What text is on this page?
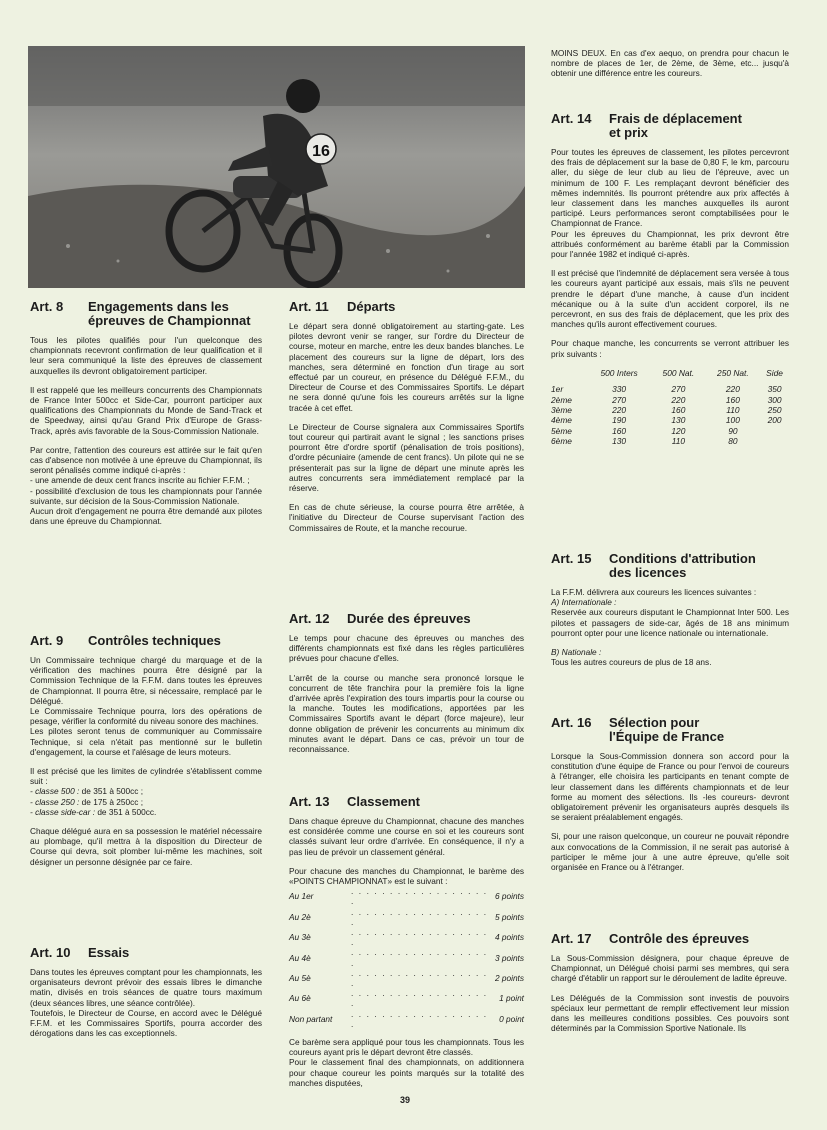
16
Art. 8	Engagements dans les
épreuves de Championnat

Tous les pilotes qualifiés pour l'un quelconque des championnats recevront confirmation de leur qualification et il leur sera communiqué la liste des épreuves de classement auxquelles ils devront obligatoirement participer.

Il est rappelé que les meilleurs concurrents des Championnats de France Inter 500cc et Side-Car, pourront participer aux qualifications des Championnats du Monde de Sand-Track et de Speedway, ainsi qu'au Grand Prix d'Europe de Grass-Track, après avis favorable de la Sous-Commission Nationale.

Par contre, l'attention des coureurs est attirée sur le fait qu'en cas d'absence non motivée à une épreuve du Championnat, ils seront pénalisés comme indiqué ci-après :

- une amende de deux cent francs inscrite au fichier F.F.M. ;

- possibilité d'exclusion de tous les championnats pour l'année suivante, sur décision de la Sous-Commission Nationale.

Aucun droit d'engagement ne pourra être demandé aux pilotes dans une épreuve du Championnat.

Art. 9	Contrôles techniques

Un Commissaire technique chargé du marquage et de la vérification des machines pourra être désigné par la Commission Technique de la F.F.M. dans toutes les épreuves de Championnat. Il pourra être, si nécessaire, remplacé par le Délégué.

Le Commissaire Technique pourra, lors des opérations de pesage, vérifier la conformité du niveau sonore des machines.

Les pilotes seront tenus de communiquer au Commissaire Technique, si cela n'était pas mentionné sur le bulletin d'engagement, la course et l'alésage de leurs moteurs.

Il est précisé que les limites de cylindrée s'établissent comme suit :

- classe 500 : de 351 à 500cc ;

- classe 250 : de 175 à 250cc ;

- classe side-car : de 351 à 500cc.

Chaque délégué aura en sa possession le matériel nécessaire au plombage, qu'il mettra à la disposition du Directeur de Course qui devra, soit plomber lui-même les machines, soit désigner un personne désignée par ce faire.

Art. 10	Essais

Dans toutes les épreuves comptant pour les championnats, les organisateurs devront prévoir des essais libres le dimanche matin, divisés en trois séances de quatre tours maximum (deux séances libres, une séance contrôlée).

Toutefois, le Directeur de Course, en accord avec le Délégué F.F.M. et les Commissaires Sportifs, pourra accorder des dérogations dans les cas exceptionnels.

Art. 11	Départs

Le départ sera donné obligatoirement au starting-gate. Les pilotes devront venir se ranger, sur l'ordre du Directeur de course, moteur en marche, entre les deux bandes blanches. Le placement des coureurs sur la ligne de départ, lors des manches, sera déterminé en fonction d'un tirage au sort effectué par un coureur, en présence du Délégué F.F.M., du Directeur de Course et des Commissaires Sportifs. Le départ ne sera donné qu'une fois les coureurs arrêtés sur la ligne tracée à cet effet.

Le Directeur de Course signalera aux Commissaires Sportifs tout coureur qui partirait avant le signal ; les sanctions prises pourront être d'ordre sportif (pénalisation de trois positions), d'ordre pécuniaire (amende de cent francs). Un pilote qui ne se présenterait pas sur la ligne de départ une minute après les autres concurrents sera immédiatement remplacé par la réserve.

En cas de chute sérieuse, la course pourra être arrêtée, à l'initiative du Directeur de Course supervisant l'action des Commissaires de Route, et la manche recourue.

Art. 12	Durée des épreuves

Le temps pour chacune des épreuves ou manches des différents championnats est fixé dans les règles particulières prévues pour chacune d'elles.

L'arrêt de la course ou manche sera prononcé lorsque le concurrent de tête franchira pour la première fois la ligne d'arrivée après l'expiration des tours impartis pour la course ou la manche. Toutes les modifications, apportées par les Commissaires Sportifs avant le départ (force majeure), leur donne obligation de prévenir les concurrents au minimum dix minutes avant le départ. Dans ce cas, prévoir un tour de reconnaissance.

Art. 13	Classement

Dans chaque épreuve du Championnat, chacune des manches est considérée comme une course en soi et les coureurs sont classés suivant leur ordre d'arrivée. En conséquence, il n'y a pas lieu de prévoir un classement général.

Pour chacune des manches du Championnat, le barème des «POINTS CHAMPIONNAT» est le suivant :

Au 1er	. . . . . . . . . . . . . . . . . . .	6 points
Au 2è	. . . . . . . . . . . . . . . . . . .	5 points
Au 3è	. . . . . . . . . . . . . . . . . . .	4 points
Au 4è	. . . . . . . . . . . . . . . . . . .	3 points
Au 5è	. . . . . . . . . . . . . . . . . . .	2 points
Au 6è	. . . . . . . . . . . . . . . . . . .	1 point
Non partant	. . . . . . . . . . . . . . . . . . .	0 point

Ce barème sera appliqué pour tous les championnats. Tous les coureurs ayant pris le départ devront être classés.

Pour le classement final des championnats, on additionnera pour chaque coureur les points marqués sur la totalité des manches disputées,

MOINS DEUX. En cas d'ex aequo, on prendra pour chacun le nombre de places de 1er, de 2ème, de 3ème, etc... jusqu'à obtenir une différence entre les coureurs.

Art. 14	Frais de déplacement
et prix

Pour toutes les épreuves de classement, les pilotes percevront des frais de déplacement sur la base de 0,80 F, le km, parcouru aller, du siège de leur club au lieu de l'épreuve, avec un minimum de 100 F. Les remplaçant devront bénéficier des mêmes indemnités. Ils pourront prétendre aux prix affectés à leur classement dans les manches auxquelles ils auront participé. Leurs performances seront comptabilisées pour le Championnat de France.

Pour les épreuves du Championnat, les prix devront être attribués conformément au barème établi par la Commission pour l'année 1982 et indiqué ci-après.

Il est précisé que l'indemnité de déplacement sera versée à tous les coureurs ayant participé aux essais, mais s'ils ne peuvent prendre le départ d'une manche, à cause d'un incident mécanique ou à la suite d'un accident corporel, ils ne percevront, en sus des frais de déplacement, que les prix des manches qu'ils auront effectivement courues.

Pour chaque manche, les concurrents se verront attribuer les prix suivants :

	500 Inters	500 Nat.	250 Nat.	Side
1er	330	270	220	350
2ème	270	220	160	300
3ème	220	160	110	250
4ème	190	130	100	200
5ème	160	120	90	
6ème	130	110	80	
Art. 15	Conditions d'attribution
des licences

La F.F.M. délivrera aux coureurs les licences suivantes :

A) Internationale :

Reservée aux coureurs disputant le Championnat Inter 500. Les pilotes et passagers de side-car, âgés de 18 ans minimum pourront opter pour une licence nationale ou internationale.

B) Nationale :

Tous les autres coureurs de plus de 18 ans.

Art. 16	Sélection pour
l'Équipe de France

Lorsque la Sous-Commission donnera son accord pour la constitution d'une équipe de France ou pour l'envoi de coureurs à l'étranger, elle choisira les participants en tenant compte de leur classement dans les différents championnats et de leur forme au moment des sélections. Ils -les coureurs- devront obligatoirement prévenir les organisateurs auprès desquels ils se seraient préalablement engagés.

Si, pour une raison quelconque, un coureur ne pouvait répondre aux convocations de la Commission, il ne serait pas autorisé à participer le même jour à une autre épreuve, qu'elle soit organisée en France ou à l'étranger.

Art. 17	Contrôle des épreuves

La Sous-Commission désignera, pour chaque épreuve de Championnat, un Délégué choisi parmi ses membres, qui sera chargé d'établir un rapport sur le déroulement de ladite épreuve.

Les Délégués de la Commission sont investis de pouvoirs spéciaux leur permettant de remplir effectivement leur mission dans les meilleures conditions possibles. Ces pouvoirs sont déterminés par la Commission Sportive Nationale. Ils

39
